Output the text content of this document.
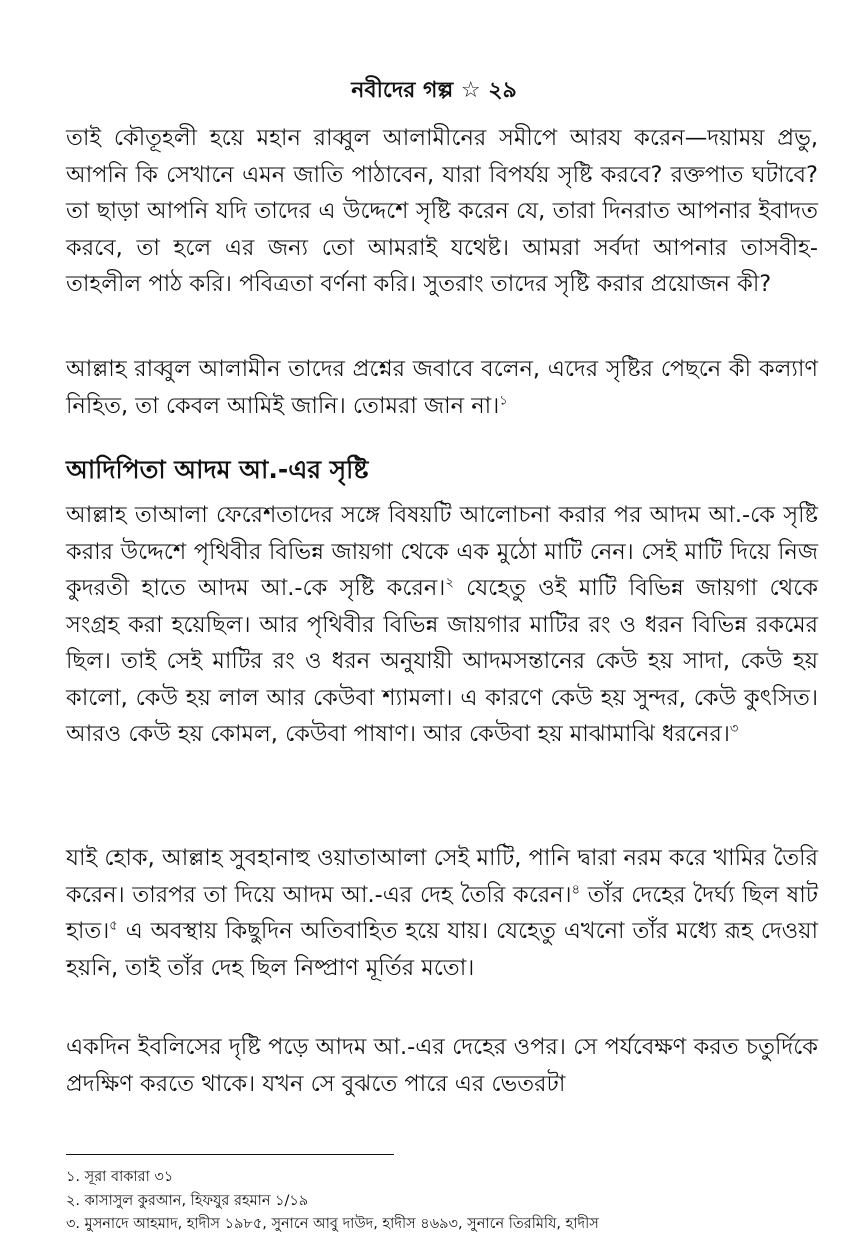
নবীদের গল্প ☆ ২৯

তাই কৌতূহলী হয়ে মহান রাব্বুল আলামীনের সমীপে আরয করেন—দয়াময় প্রভু, আপনি কি সেখানে এমন জাতি পাঠাবেন, যারা বিপর্যয় সৃষ্টি করবে? রক্তপাত ঘটাবে? তা ছাড়া আপনি যদি তাদের এ উদ্দেশে সৃষ্টি করেন যে, তারা দিনরাত আপনার ইবাদত করবে, তা হলে এর জন্য তো আমরাই যথেষ্ট। আমরা সর্বদা আপনার তাসবীহ-তাহলীল পাঠ করি। পবিত্রতা বর্ণনা করি। সুতরাং তাদের সৃষ্টি করার প্রয়োজন কী?

আল্লাহ রাব্বুল আলামীন তাদের প্রশ্নের জবাবে বলেন, এদের সৃষ্টির পেছনে কী কল্যাণ নিহিত, তা কেবল আমিই জানি। তোমরা জান না।$^১$

আদিপিতা আদম আ.-এর সৃষ্টি

আল্লাহ তাআলা ফেরেশতাদের সঙ্গে বিষয়টি আলোচনা করার পর আদম আ.-কে সৃষ্টি করার উদ্দেশে পৃথিবীর বিভিন্ন জায়গা থেকে এক মুঠো মাটি নেন। সেই মাটি দিয়ে নিজ কুদরতী হাতে আদম আ.-কে সৃষ্টি করেন।$^২$ যেহেতু ওই মাটি বিভিন্ন জায়গা থেকে সংগ্রহ করা হয়েছিল। আর পৃথিবীর বিভিন্ন জায়গার মাটির রং ও ধরন বিভিন্ন রকমের ছিল। তাই সেই মাটির রং ও ধরন অনুযায়ী আদমসন্তানের কেউ হয় সাদা, কেউ হয় কালো, কেউ হয় লাল আর কেউবা শ্যামলা। এ কারণে কেউ হয় সুন্দর, কেউ কুৎসিত। আরও কেউ হয় কোমল, কেউবা পাষাণ। আর কেউবা হয় মাঝামাঝি ধরনের।$^৩$

যাই হোক, আল্লাহ সুবহানাহু ওয়াতাআলা সেই মাটি, পানি দ্বারা নরম করে খামির তৈরি করেন। তারপর তা দিয়ে আদম আ.-এর দেহ তৈরি করেন।$^৪$ তাঁর দেহের দৈর্ঘ্য ছিল ষাট হাত।$^৫$ এ অবস্থায় কিছুদিন অতিবাহিত হয়ে যায়। যেহেতু এখনো তাঁর মধ্যে রূহ দেওয়া হয়নি, তাই তাঁর দেহ ছিল নিষ্প্রাণ মূর্তির মতো।

একদিন ইবলিসের দৃষ্টি পড়ে আদম আ.-এর দেহের ওপর। সে পর্যবেক্ষণ করত চতুর্দিকে প্রদক্ষিণ করতে থাকে। যখন সে বুঝতে পারে এর ভেতরটা

১. সূরা বাকারা ৩১
২. কাসাসুল কুরআন, হিফযুর রহমান ১/১৯
৩. মুসনাদে আহমাদ, হাদীস ১৯৮৫, সুনানে আবু দাউদ, হাদীস ৪৬৯৩, সুনানে তিরমিযি, হাদীস
